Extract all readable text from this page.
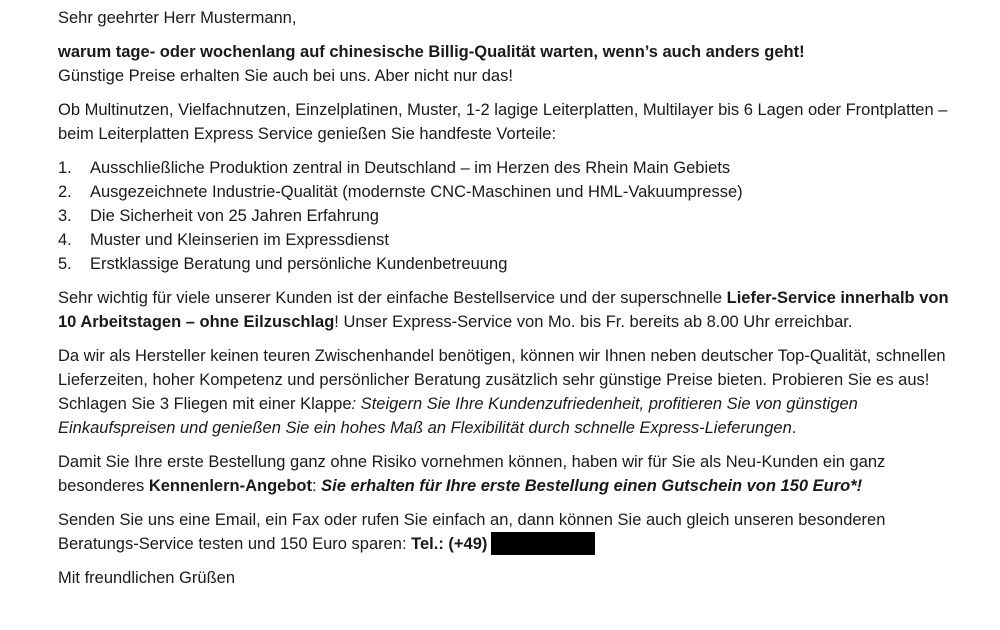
Sehr geehrter Herr Mustermann,

warum tage- oder wochenlang auf chinesische Billig-Qualität warten, wenn’s auch anders geht!

Günstige Preise erhalten Sie auch bei uns. Aber nicht nur das!

Ob Multinutzen, Vielfachnutzen, Einzelplatinen, Muster, 1-2 lagige Leiterplatten, Multilayer bis 6 Lagen oder Frontplatten – beim Leiterplatten Express Service genießen Sie handfeste Vorteile:

1.	Ausschließliche Produktion zentral in Deutschland – im Herzen des Rhein Main Gebiets
2.	Ausgezeichnete Industrie-Qualität (modernste CNC-Maschinen und HML-Vakuumpresse)
3.	Die Sicherheit von 25 Jahren Erfahrung
4.	Muster und Kleinserien im Expressdienst
5.	Erstklassige Beratung und persönliche Kundenbetreuung

Sehr wichtig für viele unserer Kunden ist der einfache Bestellservice und der superschnelle Liefer-Service innerhalb von 10 Arbeitstagen – ohne Eilzuschlag! Unser Express-Service von Mo. bis Fr. bereits ab 8.00 Uhr erreichbar.

Da wir als Hersteller keinen teuren Zwischenhandel benötigen, können wir Ihnen neben deutscher Top-Qualität, schnellen Lieferzeiten, hoher Kompetenz und persönlicher Beratung zusätzlich sehr günstige Preise bieten. Probieren Sie es aus! Schlagen Sie 3 Fliegen mit einer Klappe: Steigern Sie Ihre Kundenzufriedenheit, profitieren Sie von günstigen Einkaufspreisen und genießen Sie ein hohes Maß an Flexibilität durch schnelle Express-Lieferungen.

Damit Sie Ihre erste Bestellung ganz ohne Risiko vornehmen können, haben wir für Sie als Neu-Kunden ein ganz besonderes Kennenlern-Angebot: Sie erhalten für Ihre erste Bestellung einen Gutschein von 150 Euro*!

Senden Sie uns eine Email, ein Fax oder rufen Sie einfach an, dann können Sie auch gleich unseren besonderen Beratungs-Service testen und 150 Euro sparen: Tel.: (+49)

Mit freundlichen Grüßen
